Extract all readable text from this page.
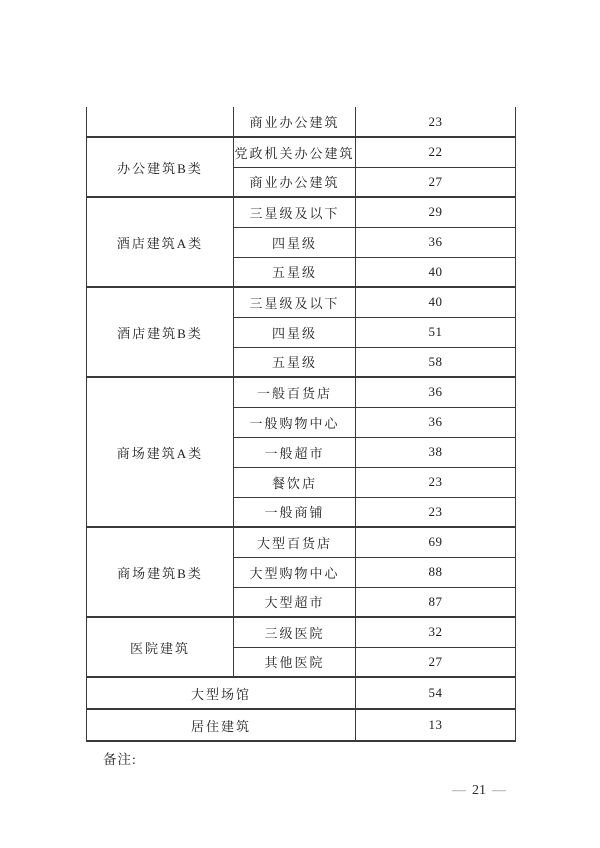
	商业办公建筑	23
办公建筑B类	党政机关办公建筑	22
	商业办公建筑	27
酒店建筑A类	三星级及以下	29
	四星级	36
	五星级	40
酒店建筑B类	三星级及以下	40
	四星级	51
	五星级	58
商场建筑A类	一般百货店	36
	一般购物中心	36
	一般超市	38
	餐饮店	23
	一般商铺	23
商场建筑B类	大型百货店	69
	大型购物中心	88
	大型超市	87
医院建筑	三级医院	32
	其他医院	27
大型场馆		54
居住建筑		13
备注:
— 21 —
